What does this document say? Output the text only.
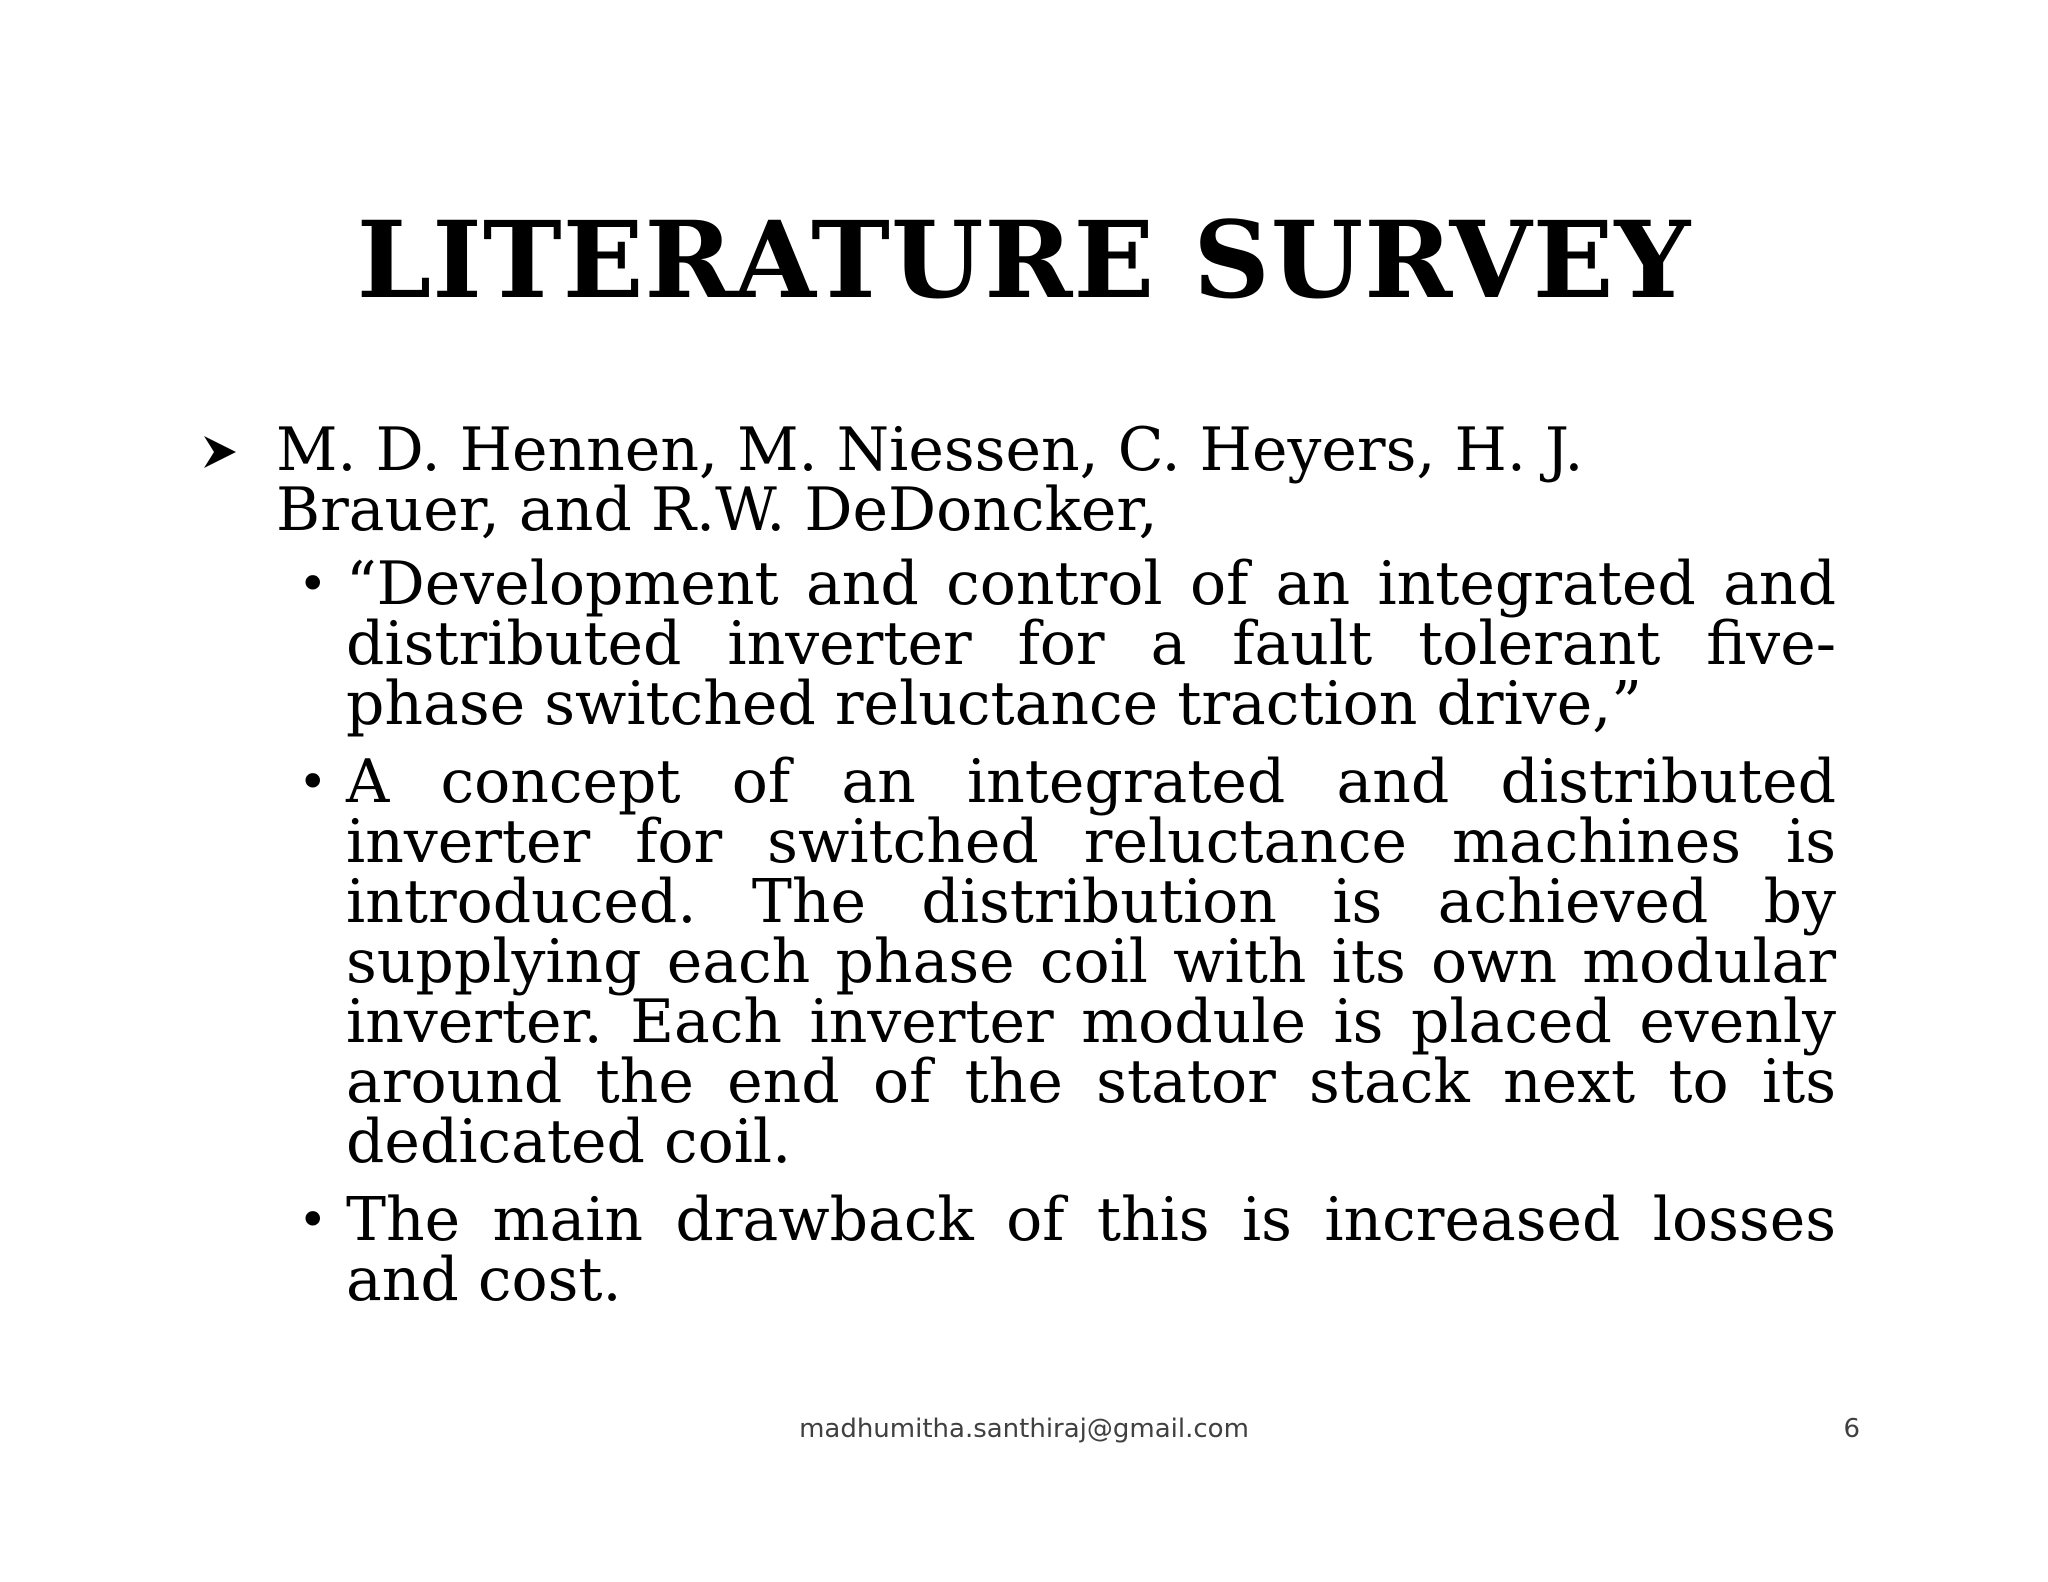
LITERATURE SURVEY
M. D. Hennen, M. Niessen, C. Heyers, H. J. Brauer, and R.W. DeDoncker,
• “Development and control of an integrated and distributed inverter for a fault tolerant five-phase switched reluctance traction drive,”
• A concept of an integrated and distributed inverter for switched reluctance machines is introduced. The distribution is achieved by supplying each phase coil with its own modular inverter. Each inverter module is placed evenly around the end of the stator stack next to its dedicated coil.
• The main drawback of this is increased losses and cost.
madhumitha.santhiraj@gmail.com	6
